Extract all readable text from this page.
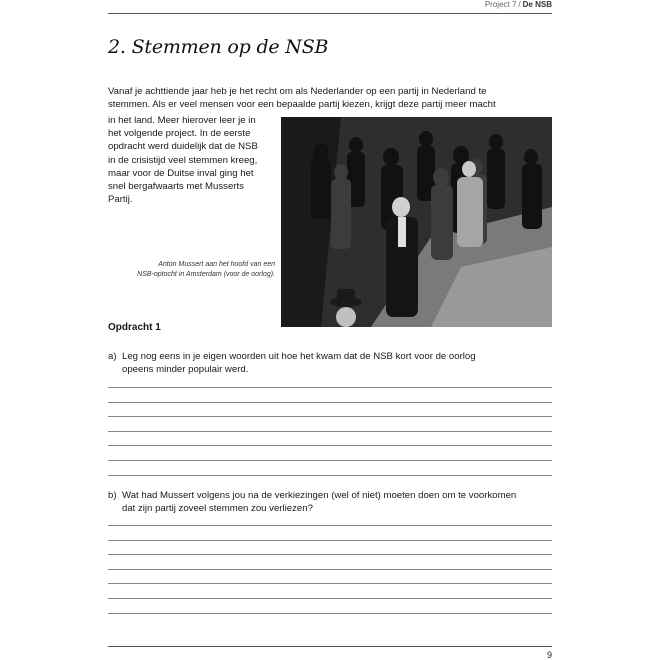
Project 7 / De NSB
2. Stemmen op de NSB
Vanaf je achttiende jaar heb je het recht om als Nederlander op een partij in Nederland te
stemmen. Als er veel mensen voor een bepaalde partij kiezen, krijgt deze partij meer macht
in het land. Meer hierover leer je in
het volgende project. In de eerste
opdracht werd duidelijk dat de NSB
in de crisistijd veel stemmen kreeg,
maar voor de Duitse inval ging het
snel bergafwaarts met Musserts
Partij.
Anton Mussert aan het hoofd van een
NSB-optocht in Amsterdam (voor de oorlog).
Opdracht 1
a) Leg nog eens in je eigen woorden uit hoe het kwam dat de NSB kort voor de oorlog
opeens minder populair werd.
b) Wat had Mussert volgens jou na de verkiezingen (wel of niet) moeten doen om te voorkomen
dat zijn partij zoveel stemmen zou verliezen?
9
